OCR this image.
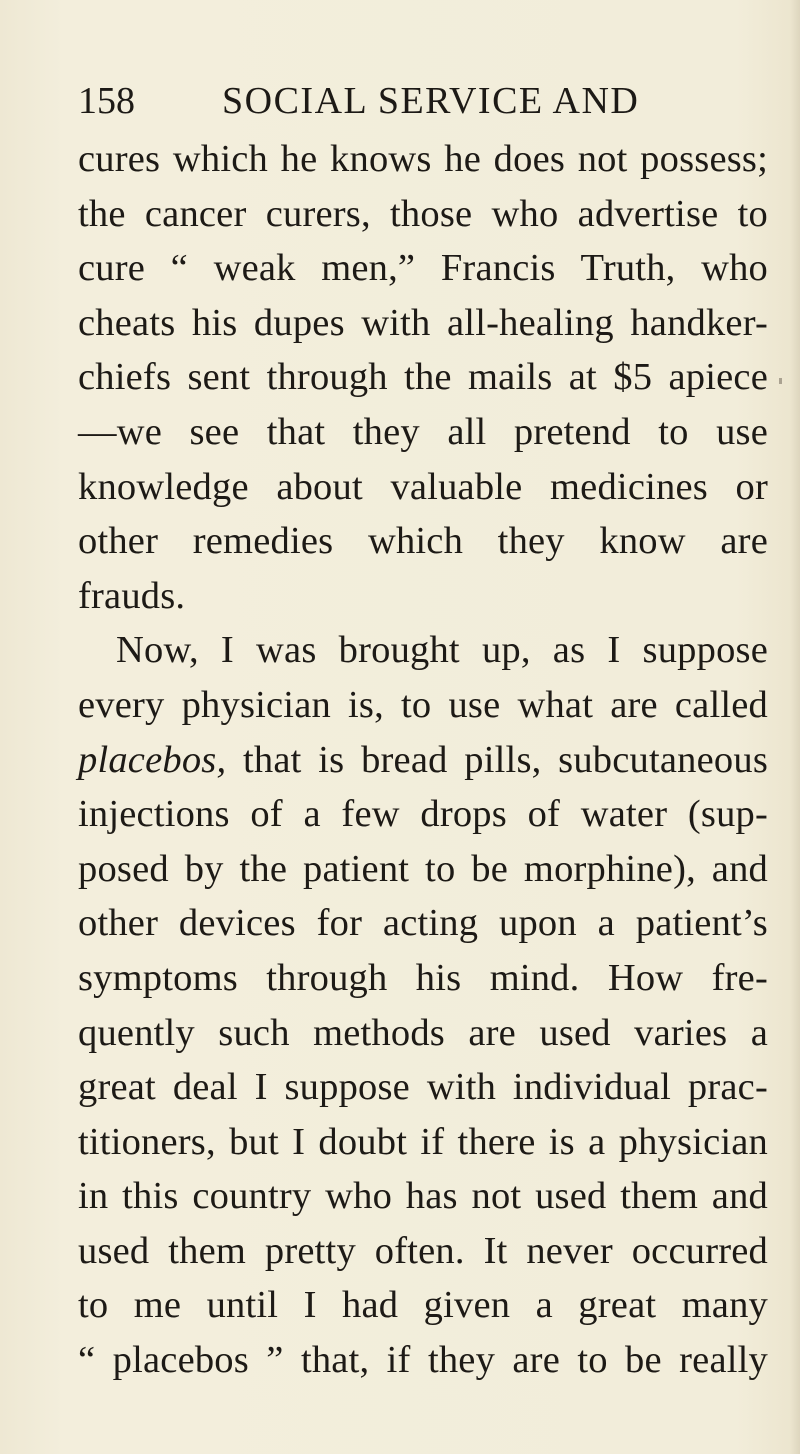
158 SOCIAL SERVICE AND
cures which he knows he does not possess;
the cancer curers, those who advertise to
cure “ weak men,” Francis Truth, who
cheats his dupes with all-healing handker-
chiefs sent through the mails at $5 apiece
—we see that they all pretend to use
knowledge about valuable medicines or
other remedies which they know are
frauds.
Now, I was brought up, as I suppose
every physician is, to use what are called
placebos, that is bread pills, subcutaneous
injections of a few drops of water (sup-
posed by the patient to be morphine), and
other devices for acting upon a patient’s
symptoms through his mind. How fre-
quently such methods are used varies a
great deal I suppose with individual prac-
titioners, but I doubt if there is a physician
in this country who has not used them and
used them pretty often. It never occurred
to me until I had given a great many
“ placebos ” that, if they are to be really
